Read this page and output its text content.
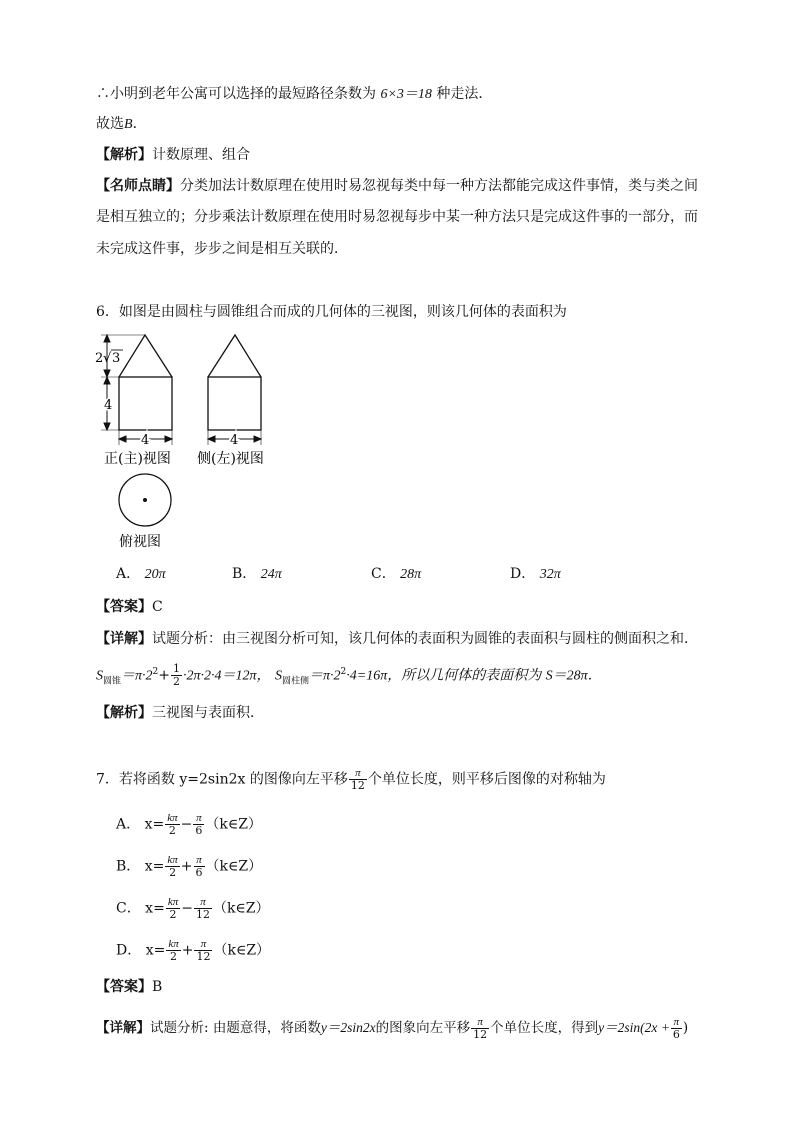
∴小明到老年公寓可以选择的最短路径条数为 6×3＝18 种走法．
故选B．
【解析】计数原理、组合
【名师点睛】分类加法计数原理在使用时易忽视每类中每一种方法都能完成这件事情，类与类之间
是相互独立的；分步乘法计数原理在使用时易忽视每步中某一种方法只是完成这件事的一部分，而
未完成这件事，步步之间是相互关联的．
6．如图是由圆柱与圆锥组合而成的几何体的三视图，则该几何体的表面积为
2 √ 3
4
4	4
正(主)视图 侧(左)视图
俯视图
A． 20π	B． 24π	C． 28π	D． 32π
【答案】C
【详解】试题分析：由三视图分析可知，该几何体的表面积为圆锥的表面积与圆柱的侧面积之和．
$S_{圆锥}=\pi\cdot 2^2+ \frac{1}{2} \cdot 2\pi\cdot 2\cdot 4=12\pi$， $S_{圆柱侧}=\pi\cdot 2^2\cdot 4=16\pi$，所以几何体的表面积为 S＝28π．
【解析】三视图与表面积．
7．若将函数 y=2sin2x 的图像向左平移 $\frac{\pi}{12}$ 个单位长度，则平移后图像的对称轴为
A． $x= \frac{k\pi}{2} - \frac{\pi}{6}$ （k∈Z）
B． $x= \frac{k\pi}{2} + \frac{\pi}{6}$ （k∈Z）
C． $x= \frac{k\pi}{2} - \frac{\pi}{12}$ （k∈Z）
D． $x= \frac{k\pi}{2} + \frac{\pi}{12}$ （k∈Z）
【答案】B
【详解】试题分析: 由题意得，将函数y＝2sin2x的图象向左平移 $\frac{\pi}{12}$ 个单位长度，得到$y=2\sin(2x + \frac{\pi}{6}$ )
